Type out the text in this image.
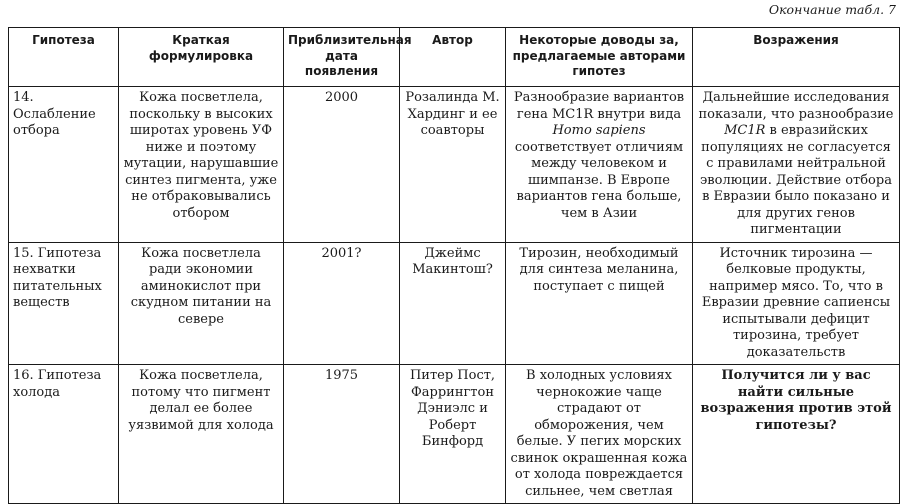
Окончание табл. 7
Гипотеза	Краткая формулировка	Приблизительная дата появления	Автор	Некоторые доводы за, предлагаемые авторами гипотез	Возражения
14. Ослабление отбора	Кожа посветлела, поскольку в высоких широтах уровень УФ ниже и поэтому мутации, нарушавшие синтез пигмента, уже не отбраковывались отбором	2000	Розалинда М. Хардинг и ее соавторы	Разнообразие вариантов гена MC1R внутри вида Homo sapiens соответствует отличиям между человеком и шимпанзе. В Европе вариантов гена больше, чем в Азии	Дальнейшие исследования показали, что разнообразие MC1R в евразийских популяциях не согласуется с правилами нейтральной эволюции. Действие отбора в Евразии было показано и для других генов пигментации
15. Гипотеза нехватки питательных веществ	Кожа посветлела ради экономии аминокислот при скудном питании на севере	2001?	Джеймс Макинтош?	Тирозин, необходимый для синтеза меланина, поступает с пищей	Источник тирозина — белковые продукты, например мясо. То, что в Евразии древние сапиенсы испытывали дефицит тирозина, требует доказательств
16. Гипотеза холода	Кожа посветлела, потому что пигмент делал ее более уязвимой для холода	1975	Питер Пост, Фаррингтон Дэниэлс и Роберт Бинфорд	В холодных условиях чернокожие чаще страдают от обморожения, чем белые. У пегих морских свинок окрашенная кожа от холода повреждается сильнее, чем светлая	Получится ли у вас найти сильные возражения против этой гипотезы?
